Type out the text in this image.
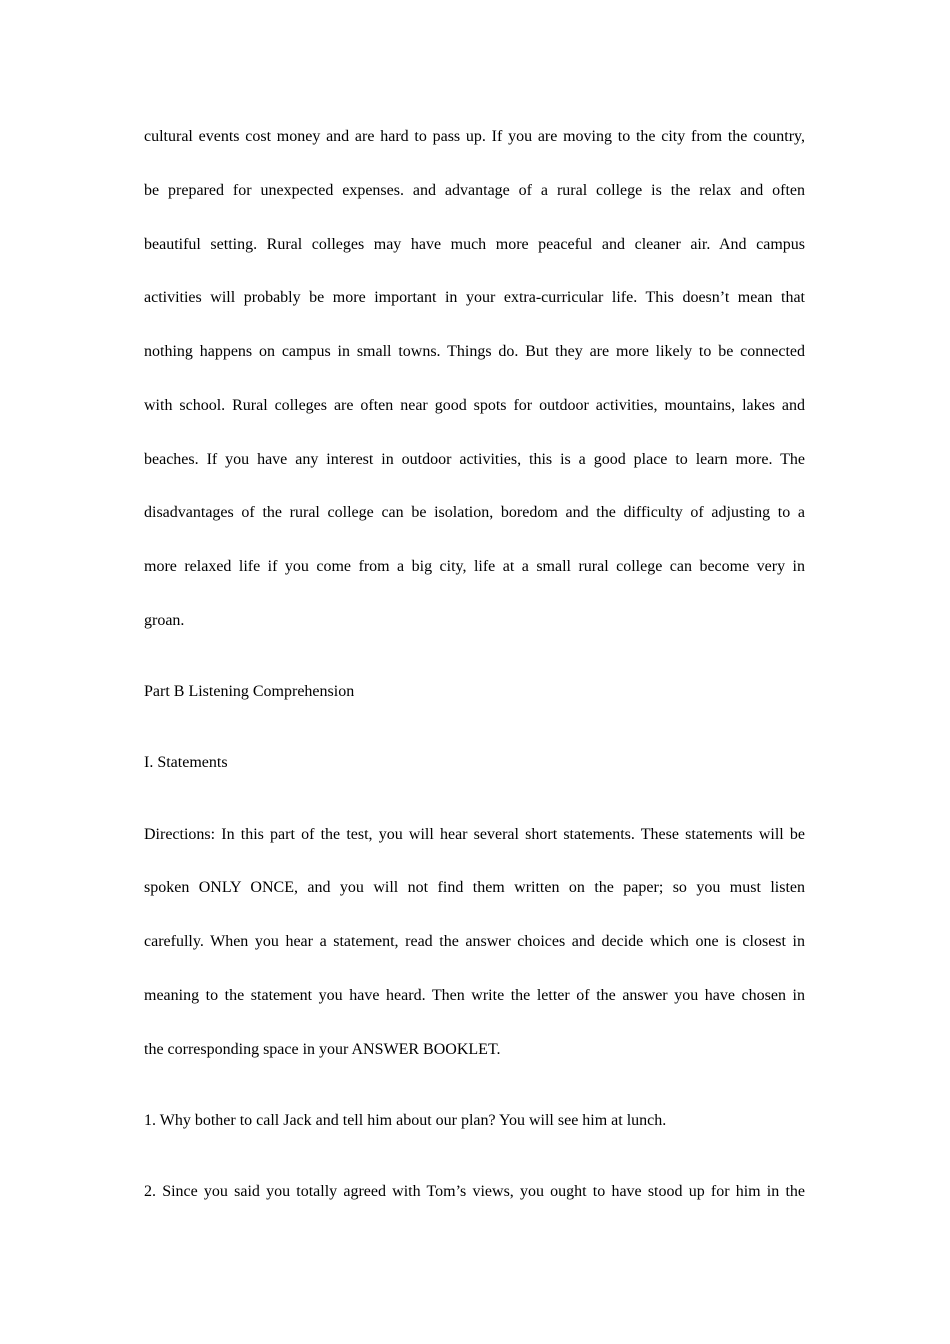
cultural events cost money and are hard to pass up. If you are moving to the city from the country,

be prepared for unexpected expenses. and advantage of a rural college is the relax and often

beautiful setting. Rural colleges may have much more peaceful and cleaner air. And campus

activities will probably be more important in your extra-curricular life. This doesn’t mean that

nothing happens on campus in small towns. Things do. But they are more likely to be connected

with school. Rural colleges are often near good spots for outdoor activities, mountains, lakes and

beaches. If you have any interest in outdoor activities, this is a good place to learn more. The

disadvantages of the rural college can be isolation, boredom and the difficulty of adjusting to a

more relaxed life if you come from a big city, life at a small rural college can become very in

groan.

Part B Listening Comprehension

I. Statements

Directions: In this part of the test, you will hear several short statements. These statements will be

spoken ONLY ONCE, and you will not find them written on the paper; so you must listen

carefully. When you hear a statement, read the answer choices and decide which one is closest in

meaning to the statement you have heard. Then write the letter of the answer you have chosen in

the corresponding space in your ANSWER BOOKLET.

1. Why bother to call Jack and tell him about our plan? You will see him at lunch.

2. Since you said you totally agreed with Tom’s views, you ought to have stood up for him in the
